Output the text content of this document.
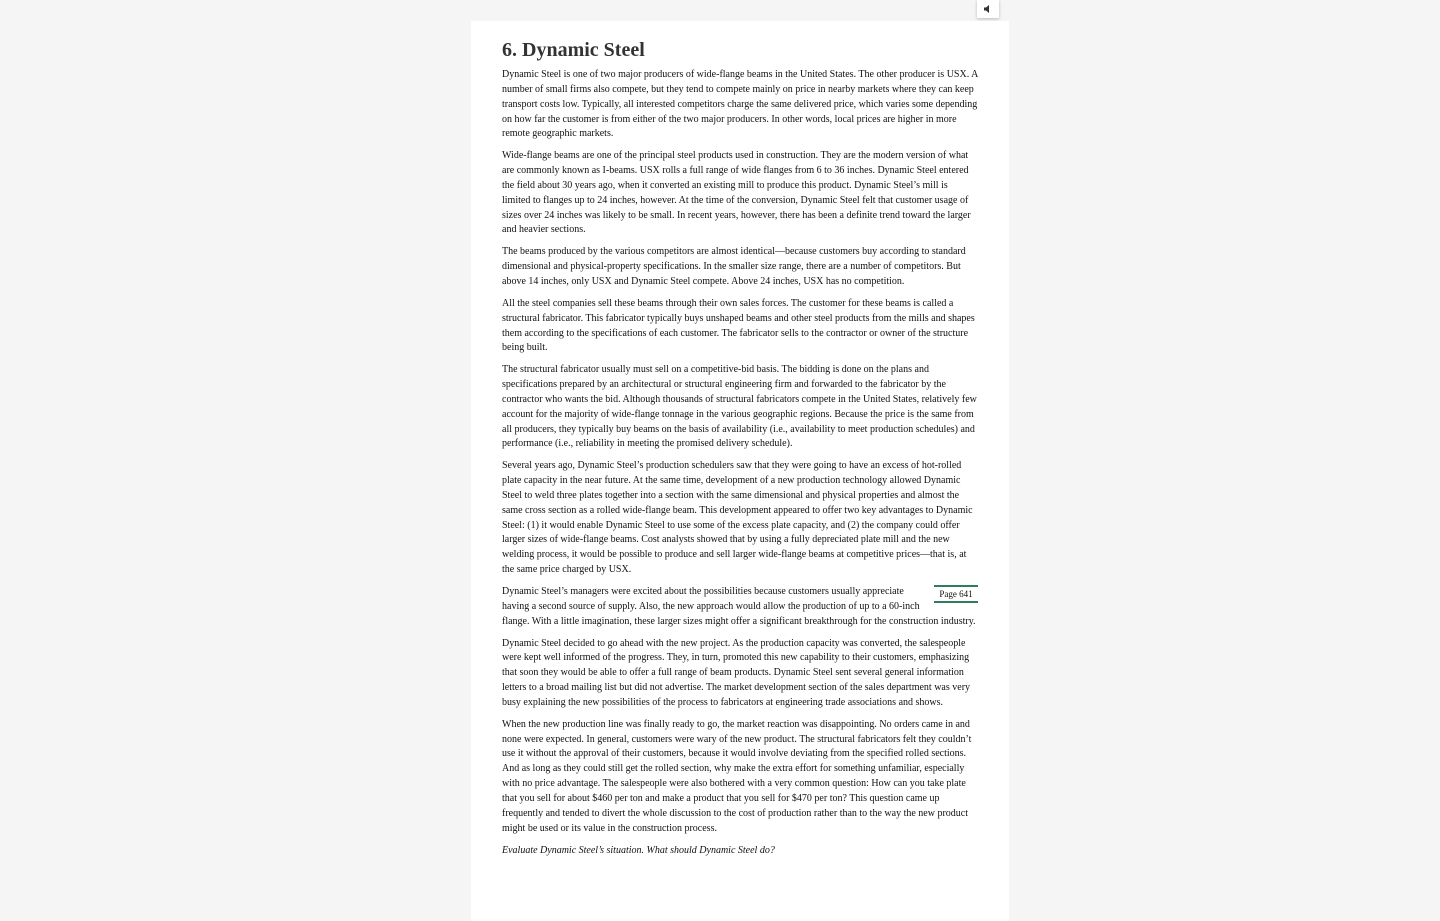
6. Dynamic Steel

Dynamic Steel is one of two major producers of wide-flange beams in the United States. The other producer is USX. A number of small firms also compete, but they tend to compete mainly on price in nearby markets where they can keep transport costs low. Typically, all interested competitors charge the same delivered price, which varies some depending on how far the customer is from either of the two major producers. In other words, local prices are higher in more remote geographic markets.

Wide-flange beams are one of the principal steel products used in construction. They are the modern version of what are commonly known as I-beams. USX rolls a full range of wide flanges from 6 to 36 inches. Dynamic Steel entered the field about 30 years ago, when it converted an existing mill to produce this product. Dynamic Steel’s mill is limited to flanges up to 24 inches, however. At the time of the conversion, Dynamic Steel felt that customer usage of sizes over 24 inches was likely to be small. In recent years, however, there has been a definite trend toward the larger and heavier sections.

The beams produced by the various competitors are almost identical—because customers buy according to standard dimensional and physical-property specifications. In the smaller size range, there are a number of competitors. But above 14 inches, only USX and Dynamic Steel compete. Above 24 inches, USX has no competition.

All the steel companies sell these beams through their own sales forces. The customer for these beams is called a structural fabricator. This fabricator typically buys unshaped beams and other steel products from the mills and shapes them according to the specifications of each customer. The fabricator sells to the contractor or owner of the structure being built.

The structural fabricator usually must sell on a competitive-bid basis. The bidding is done on the plans and specifications prepared by an architectural or structural engineering firm and forwarded to the fabricator by the contractor who wants the bid. Although thousands of structural fabricators compete in the United States, relatively few account for the majority of wide-flange tonnage in the various geographic regions. Because the price is the same from all producers, they typically buy beams on the basis of availability (i.e., availability to meet production schedules) and performance (i.e., reliability in meeting the promised delivery schedule).

Several years ago, Dynamic Steel’s production schedulers saw that they were going to have an excess of hot-rolled plate capacity in the near future. At the same time, development of a new production technology allowed Dynamic Steel to weld three plates together into a section with the same dimensional and physical properties and almost the same cross section as a rolled wide-flange beam. This development appeared to offer two key advantages to Dynamic Steel: (1) it would enable Dynamic Steel to use some of the excess plate capacity, and (2) the company could offer larger sizes of wide-flange beams. Cost analysts showed that by using a fully depreciated plate mill and the new welding process, it would be possible to produce and sell larger wide-flange beams at competitive prices—that is, at the same price charged by USX.

Page 641

Dynamic Steel’s managers were excited about the possibilities because customers usually appreciate having a second source of supply. Also, the new approach would allow the production of up to a 60-inch flange. With a little imagination, these larger sizes might offer a significant breakthrough for the construction industry.

Dynamic Steel decided to go ahead with the new project. As the production capacity was converted, the salespeople were kept well informed of the progress. They, in turn, promoted this new capability to their customers, emphasizing that soon they would be able to offer a full range of beam products. Dynamic Steel sent several general information letters to a broad mailing list but did not advertise. The market development section of the sales department was very busy explaining the new possibilities of the process to fabricators at engineering trade associations and shows.

When the new production line was finally ready to go, the market reaction was disappointing. No orders came in and none were expected. In general, customers were wary of the new product. The structural fabricators felt they couldn’t use it without the approval of their customers, because it would involve deviating from the specified rolled sections. And as long as they could still get the rolled section, why make the extra effort for something unfamiliar, especially with no price advantage. The salespeople were also bothered with a very common question: How can you take plate that you sell for about $460 per ton and make a product that you sell for $470 per ton? This question came up frequently and tended to divert the whole discussion to the cost of production rather than to the way the new product might be used or its value in the construction process.

Evaluate Dynamic Steel’s situation. What should Dynamic Steel do?
